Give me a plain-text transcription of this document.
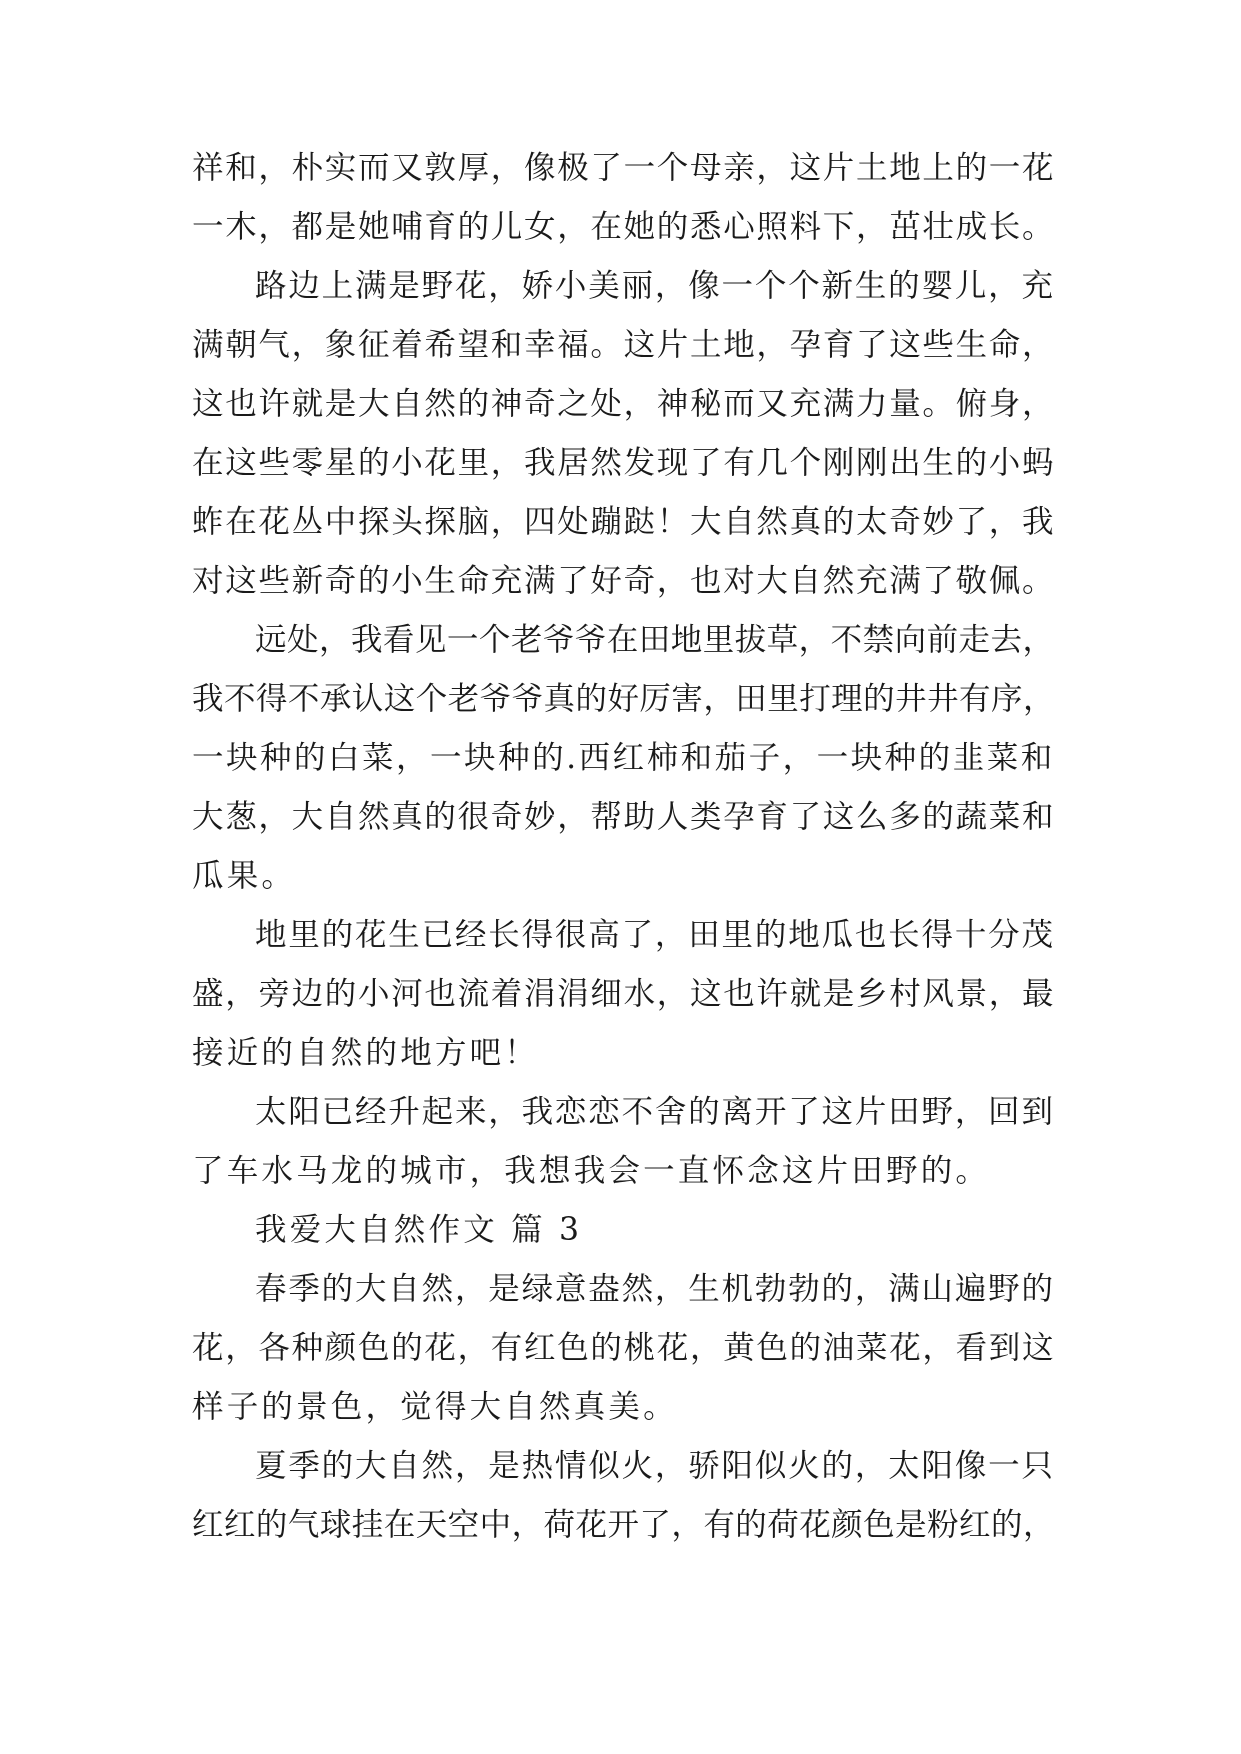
祥和，朴实而又敦厚，像极了一个母亲，这片土地上的一花
一木，都是她哺育的儿女，在她的悉心照料下，茁壮成长。
路边上满是野花，娇小美丽，像一个个新生的婴儿，充
满朝气，象征着希望和幸福。这片土地，孕育了这些生命，
这也许就是大自然的神奇之处，神秘而又充满力量。俯身，
在这些零星的小花里，我居然发现了有几个刚刚出生的小蚂
蚱在花丛中探头探脑，四处蹦跶！大自然真的太奇妙了，我
对这些新奇的小生命充满了好奇，也对大自然充满了敬佩。
远处，我看见一个老爷爷在田地里拔草，不禁向前走去，
我不得不承认这个老爷爷真的好厉害，田里打理的井井有序，
一块种的白菜，一块种的.西红柿和茄子，一块种的韭菜和
大葱，大自然真的很奇妙，帮助人类孕育了这么多的蔬菜和
瓜果。
地里的花生已经长得很高了，田里的地瓜也长得十分茂
盛，旁边的小河也流着涓涓细水，这也许就是乡村风景，最
接近的自然的地方吧！
太阳已经升起来，我恋恋不舍的离开了这片田野，回到
了车水马龙的城市，我想我会一直怀念这片田野的。
我爱大自然作文 篇 3
春季的大自然，是绿意盎然，生机勃勃的，满山遍野的
花，各种颜色的花，有红色的桃花，黄色的油菜花，看到这
样子的景色，觉得大自然真美。
夏季的大自然，是热情似火，骄阳似火的，太阳像一只
红红的气球挂在天空中，荷花开了，有的荷花颜色是粉红的，
